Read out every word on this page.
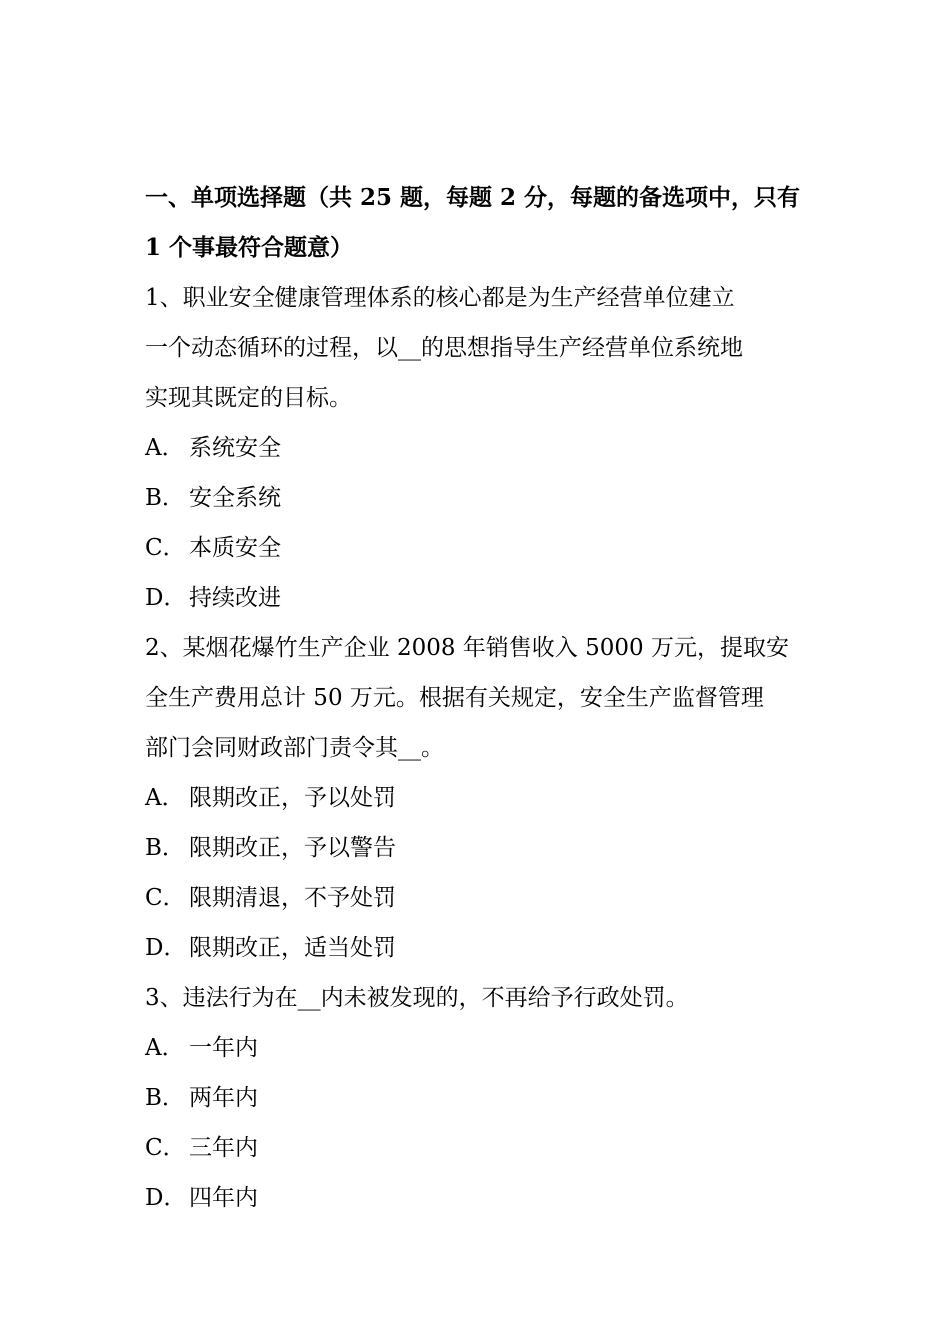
一、单项选择题（共 25 题，每题 2 分，每题的备选项中，只有
1 个事最符合题意）
1、职业安全健康管理体系的核心都是为生产经营单位建立
一个动态循环的过程，以__的思想指导生产经营单位系统地
实现其既定的目标。
A． 系统安全
B． 安全系统
C． 本质安全
D． 持续改进
2、某烟花爆竹生产企业 2008 年销售收入 5000 万元，提取安
全生产费用总计 50 万元。根据有关规定，安全生产监督管理
部门会同财政部门责令其__。
A． 限期改正，予以处罚
B． 限期改正，予以警告
C． 限期清退，不予处罚
D． 限期改正，适当处罚
3、违法行为在__内未被发现的，不再给予行政处罚。
A． 一年内
B． 两年内
C． 三年内
D． 四年内
